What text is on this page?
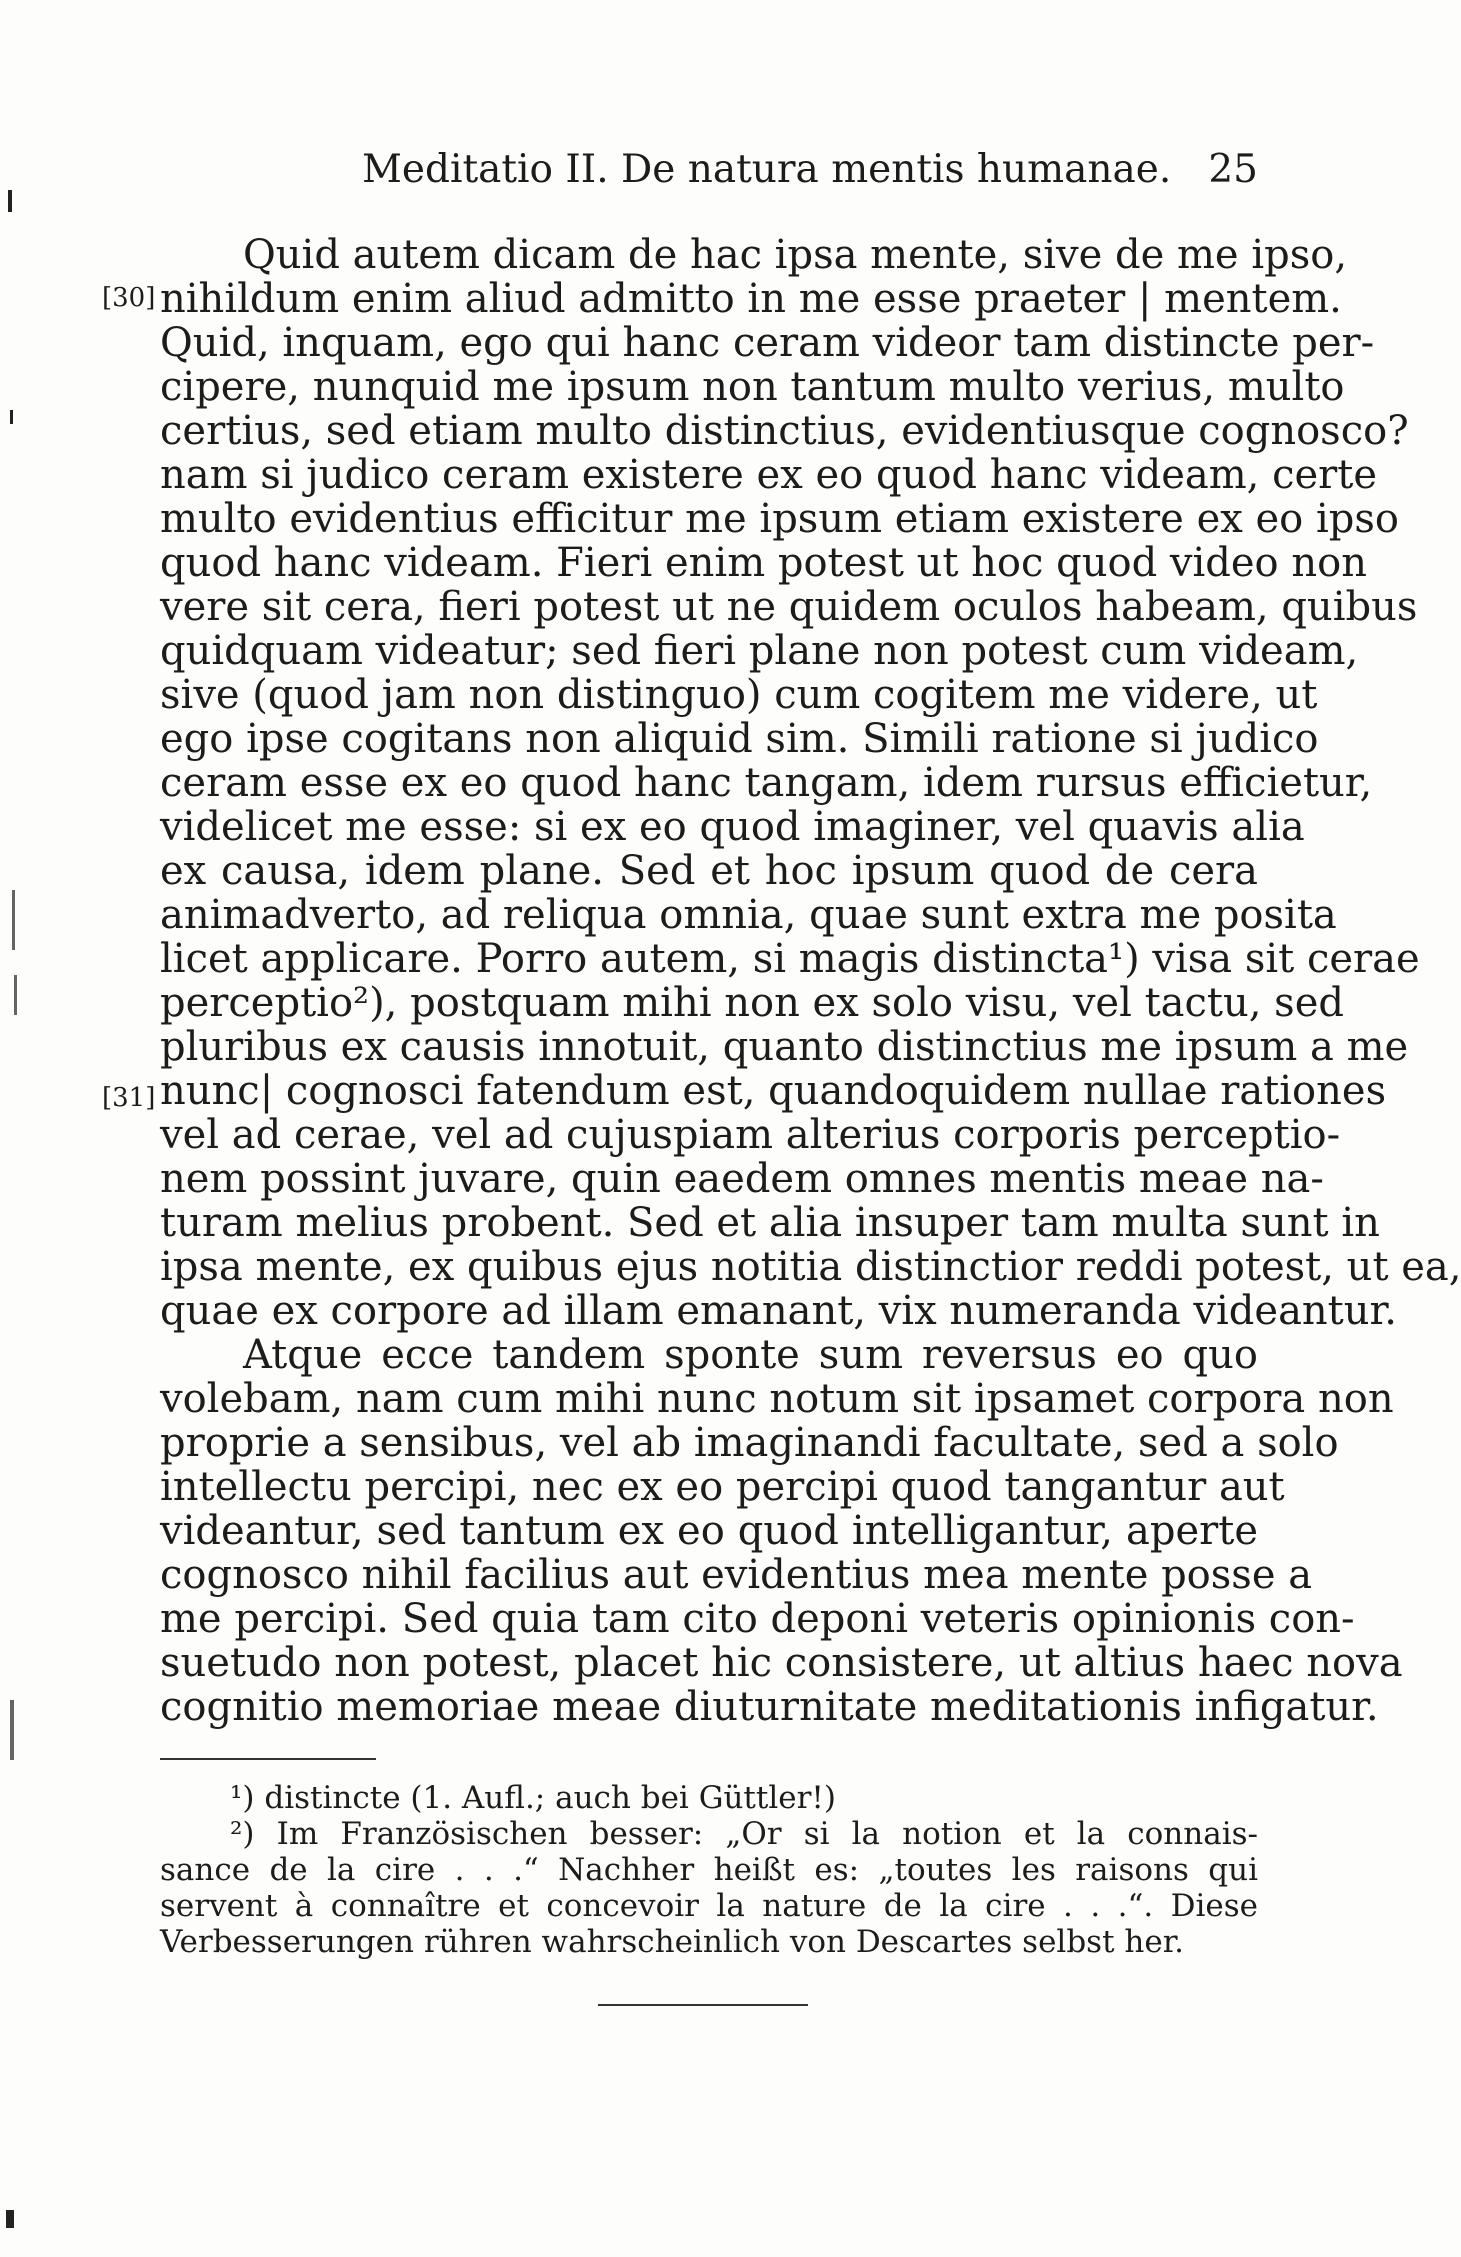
Meditatio II. De natura mentis humanae. 25
[30]
[31]
Quid autem dicam de hac ipsa mente, sive de me ipso,
nihildum enim aliud admitto in me esse praeter | mentem.
Quid, inquam, ego qui hanc ceram videor tam distincte per-
cipere, nunquid me ipsum non tantum multo verius, multo
certius, sed etiam multo distinctius, evidentiusque cognosco?
nam si judico ceram existere ex eo quod hanc videam, certe
multo evidentius efficitur me ipsum etiam existere ex eo ipso
quod hanc videam. Fieri enim potest ut hoc quod video non
vere sit cera, fieri potest ut ne quidem oculos habeam, quibus
quidquam videatur; sed fieri plane non potest cum videam,
sive (quod jam non distinguo) cum cogitem me videre, ut
ego ipse cogitans non aliquid sim. Simili ratione si judico
ceram esse ex eo quod hanc tangam, idem rursus efficietur,
videlicet me esse: si ex eo quod imaginer, vel quavis alia
ex causa, idem plane. Sed et hoc ipsum quod de cera
animadverto, ad reliqua omnia, quae sunt extra me posita
licet applicare. Porro autem, si magis distincta¹) visa sit cerae
perceptio²), postquam mihi non ex solo visu, vel tactu, sed
pluribus ex causis innotuit, quanto distinctius me ipsum a me
nunc| cognosci fatendum est, quandoquidem nullae rationes
vel ad cerae, vel ad cujuspiam alterius corporis perceptio-
nem possint juvare, quin eaedem omnes mentis meae na-
turam melius probent. Sed et alia insuper tam multa sunt in
ipsa mente, ex quibus ejus notitia distinctior reddi potest, ut ea,
quae ex corpore ad illam emanant, vix numeranda videantur.
Atque ecce tandem sponte sum reversus eo quo
volebam, nam cum mihi nunc notum sit ipsamet corpora non
proprie a sensibus, vel ab imaginandi facultate, sed a solo
intellectu percipi, nec ex eo percipi quod tangantur aut
videantur, sed tantum ex eo quod intelligantur, aperte
cognosco nihil facilius aut evidentius mea mente posse a
me percipi. Sed quia tam cito deponi veteris opinionis con-
suetudo non potest, placet hic consistere, ut altius haec nova
cognitio memoriae meae diuturnitate meditationis infigatur.
¹) distincte (1. Aufl.; auch bei Güttler!)
²) Im Französischen besser: „Or si la notion et la connais-
sance de la cire . . .“ Nachher heißt es: „toutes les raisons qui
servent à connaître et concevoir la nature de la cire . . .“. Diese
Verbesserungen rühren wahrscheinlich von Descartes selbst her.
